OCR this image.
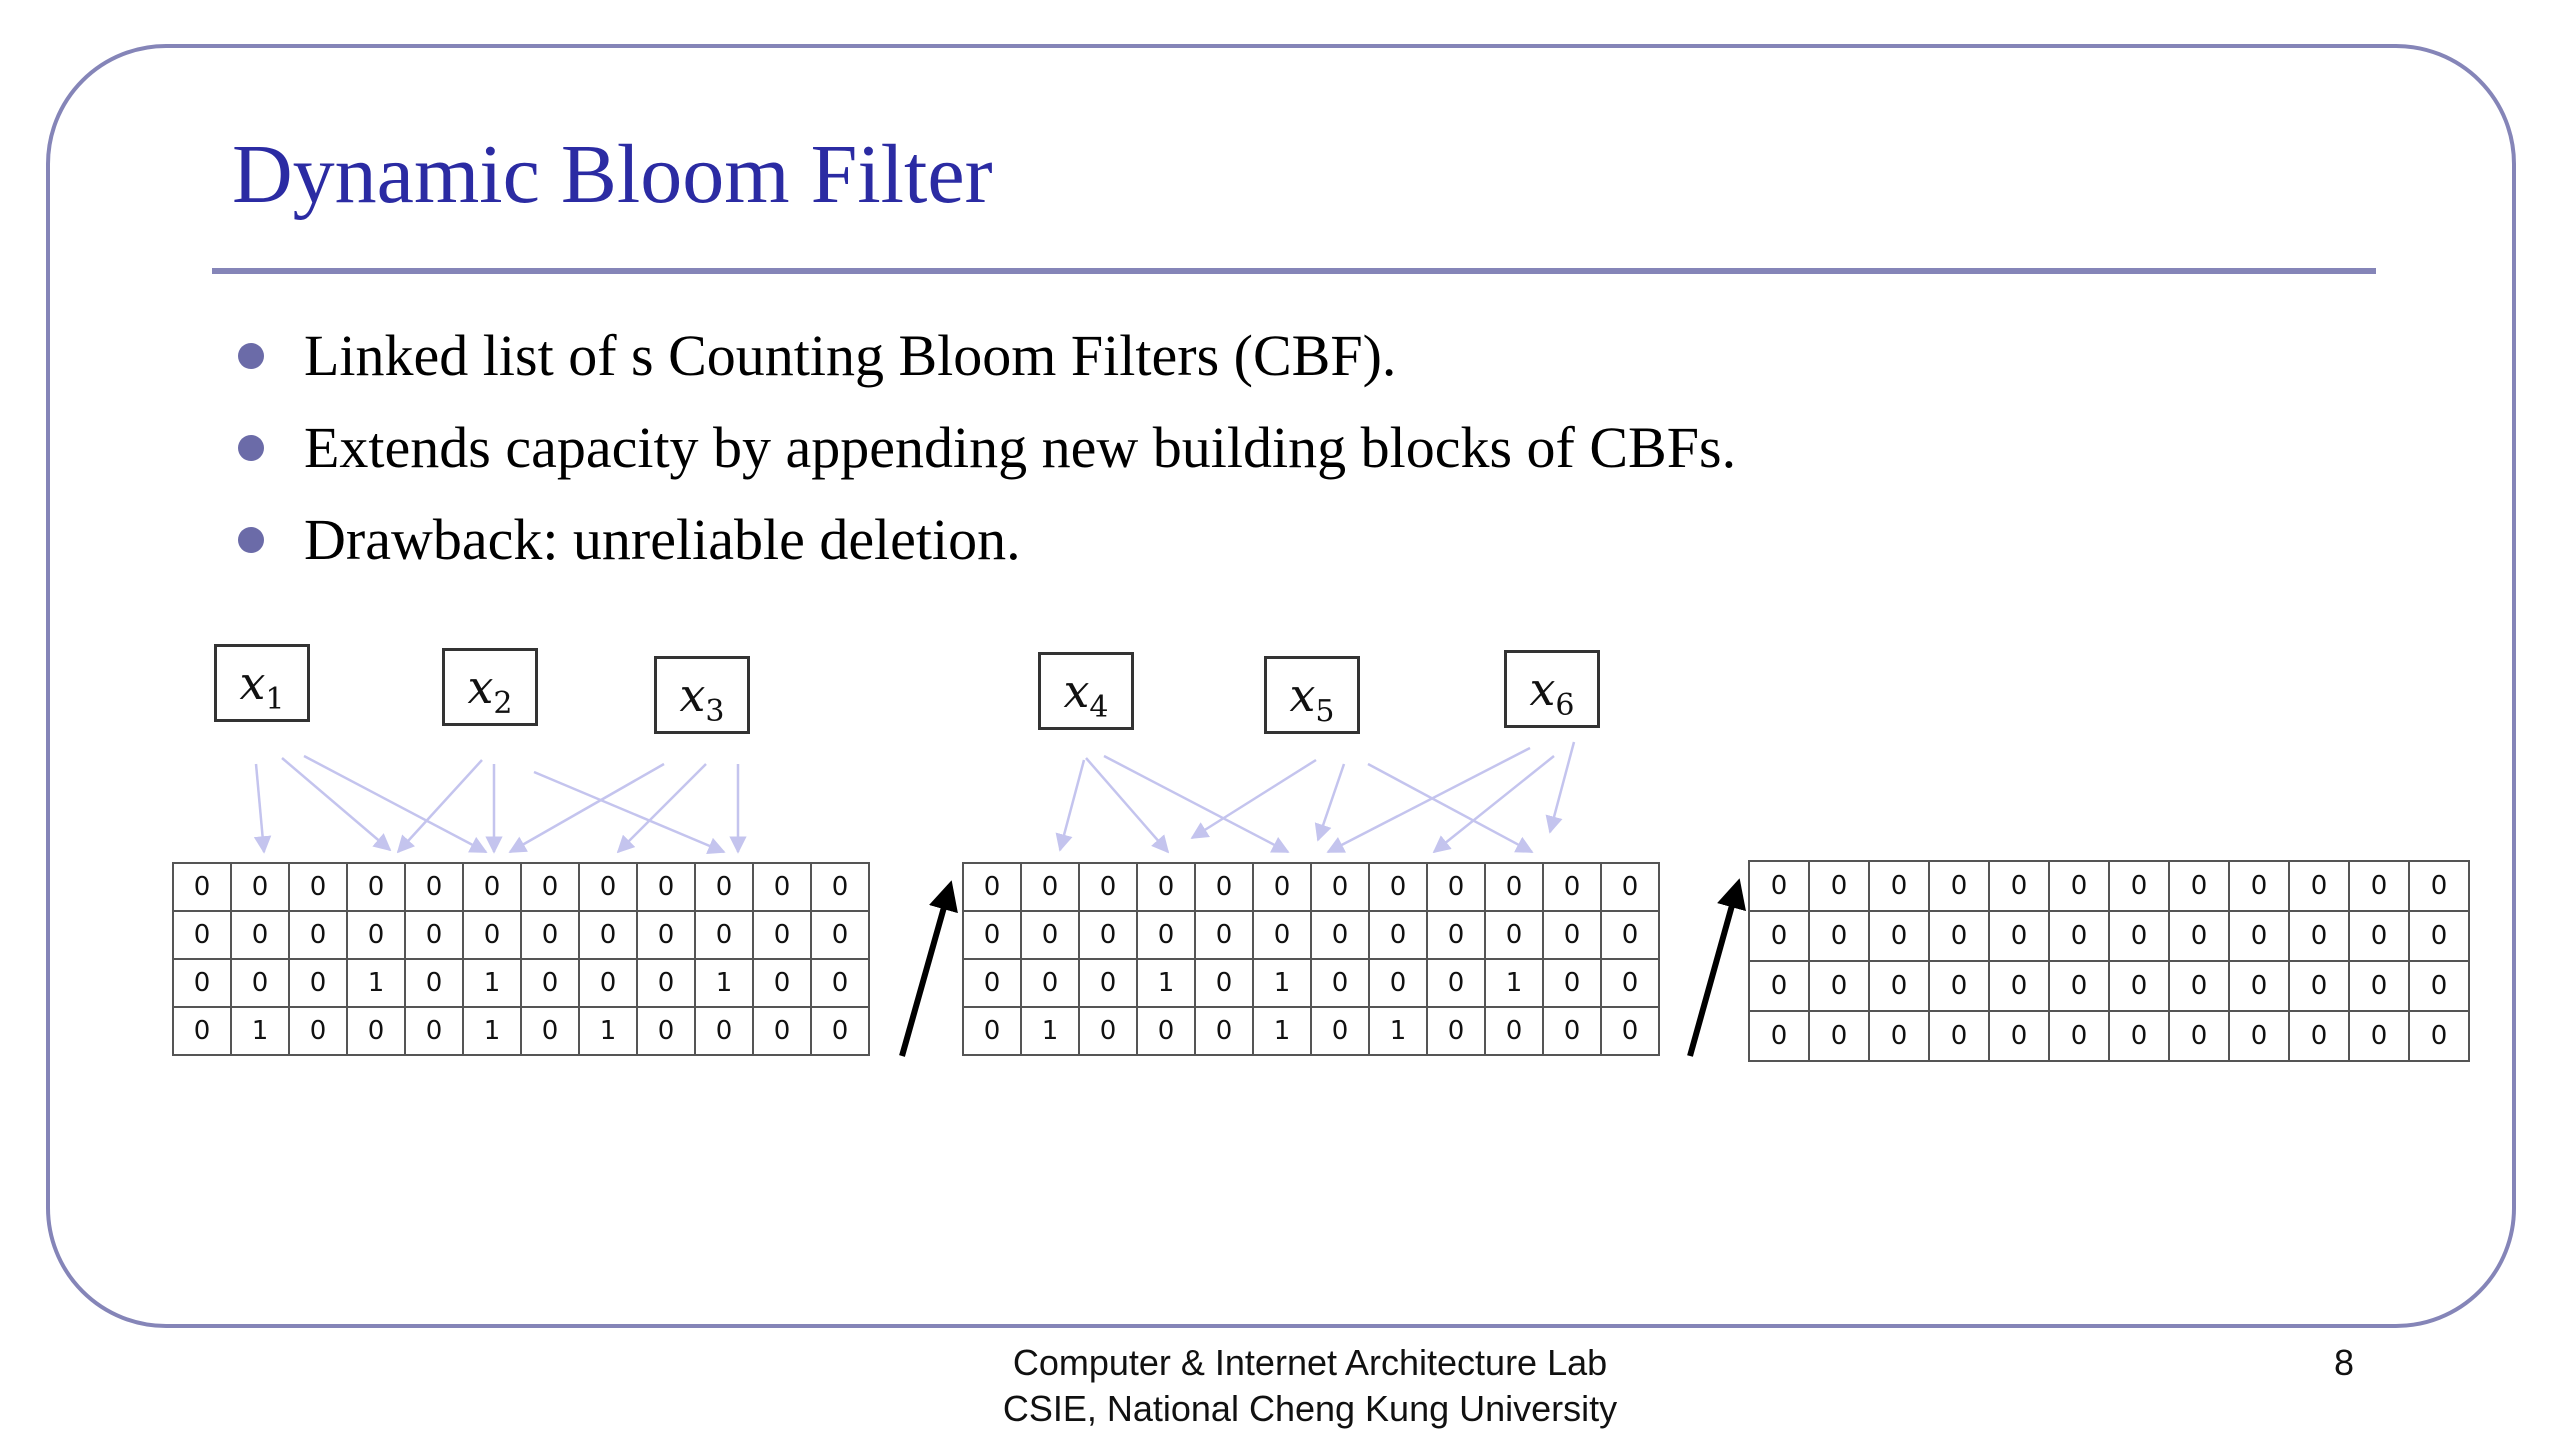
Dynamic Bloom Filter
Linked list of s Counting Bloom Filters (CBF).
Extends capacity by appending new building blocks of CBFs.
Drawback: unreliable deletion.
$x_1$	$x_2$	$x_3$	$x_4$	$x_5$	$x_6$
0	0	0	0	0	0	0	0	0	0	0	0
0	0	0	0	0	0	0	0	0	0	0	0
0	0	0	1	0	1	0	0	0	1	0	0
0	1	0	0	0	1	0	1	0	0	0	0
0	0	0	0	0	0	0	0	0	0	0	0
0	0	0	0	0	0	0	0	0	0	0	0
0	0	0	1	0	1	0	0	0	1	0	0
0	1	0	0	0	1	0	1	0	0	0	0
0	0	0	0	0	0	0	0	0	0	0	0
0	0	0	0	0	0	0	0	0	0	0	0
0	0	0	0	0	0	0	0	0	0	0	0
0	0	0	0	0	0	0	0	0	0	0	0
Computer & Internet Architecture Lab
CSIE, National Cheng Kung University
8
